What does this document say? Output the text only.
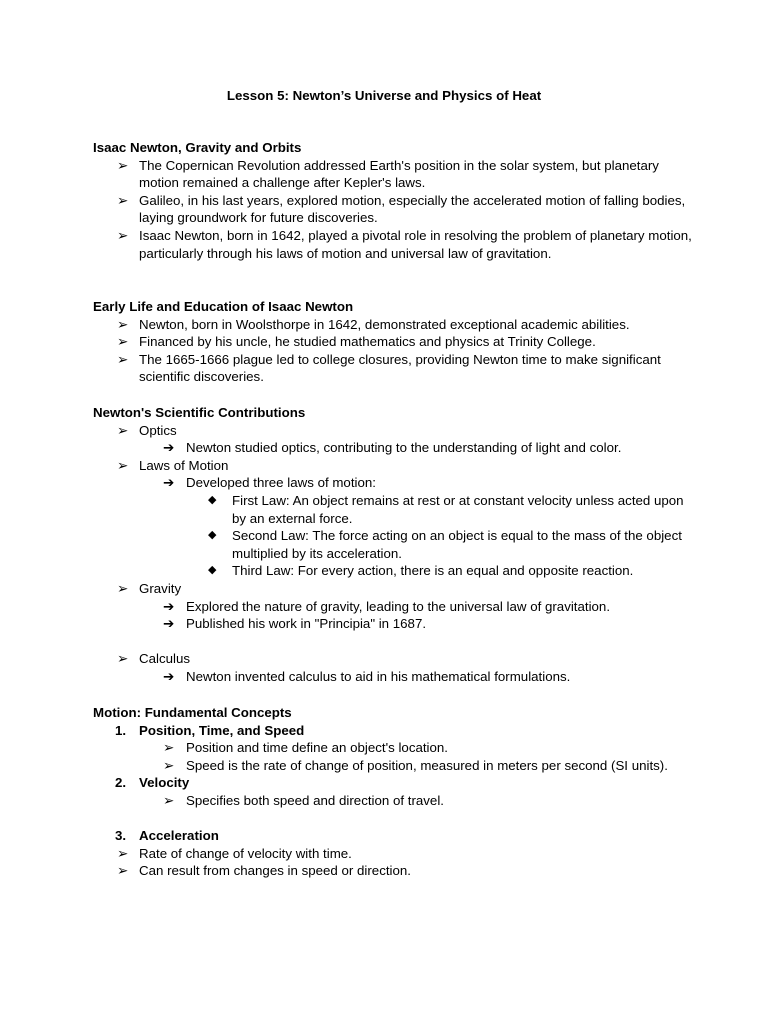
Lesson 5: Newton’s Universe and Physics of Heat
Isaac Newton, Gravity and Orbits
➢ The Copernican Revolution addressed Earth's position in the solar system, but planetary motion remained a challenge after Kepler's laws.
➢ Galileo, in his last years, explored motion, especially the accelerated motion of falling bodies, laying groundwork for future discoveries.
➢ Isaac Newton, born in 1642, played a pivotal role in resolving the problem of planetary motion, particularly through his laws of motion and universal law of gravitation.
Early Life and Education of Isaac Newton
➢ Newton, born in Woolsthorpe in 1642, demonstrated exceptional academic abilities.
➢ Financed by his uncle, he studied mathematics and physics at Trinity College.
➢ The 1665-1666 plague led to college closures, providing Newton time to make significant scientific discoveries.
Newton's Scientific Contributions
➢ Optics
➔ Newton studied optics, contributing to the understanding of light and color.
➢ Laws of Motion
➔ Developed three laws of motion:
◆	First Law: An object remains at rest or at constant velocity unless acted upon by an external force.
◆	Second Law: The force acting on an object is equal to the mass of the object multiplied by its acceleration.
◆	Third Law: For every action, there is an equal and opposite reaction.
➢ Gravity
➔ Explored the nature of gravity, leading to the universal law of gravitation.
➔ Published his work in "Principia" in 1687.
➢ Calculus
➔ Newton invented calculus to aid in his mathematical formulations.
Motion: Fundamental Concepts
1. Position, Time, and Speed
➢ Position and time define an object's location.
➢ Speed is the rate of change of position, measured in meters per second (SI units).
2. Velocity
➢ Specifies both speed and direction of travel.
3. Acceleration
➢ Rate of change of velocity with time.
➢ Can result from changes in speed or direction.
